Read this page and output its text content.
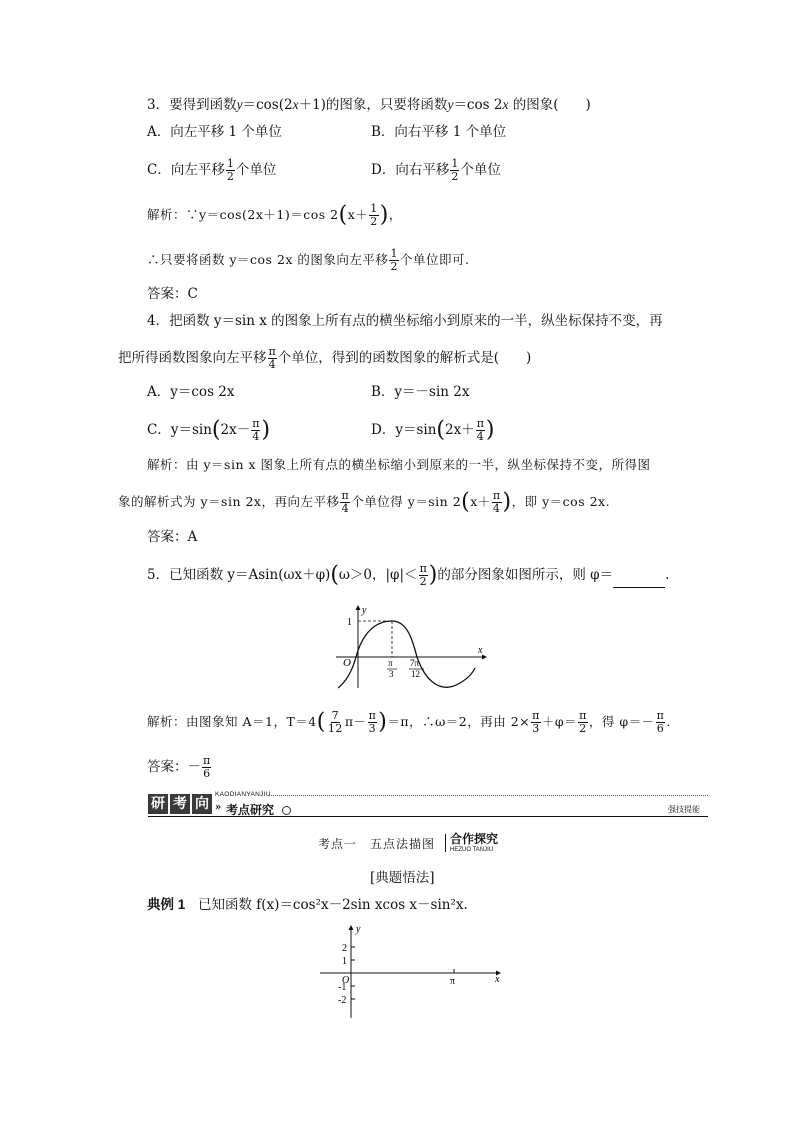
3．要得到函数y＝cos(2x＋1)的图象，只要将函数y＝cos 2x 的图象(　　)
A．向左平移 1 个单位	B．向右平移 1 个单位
C．向左平移 $\frac{1}{2}$ 个单位	D．向右平移 $\frac{1}{2}$ 个单位
解析：∵y＝cos(2x＋1)＝cos $2(x+ \frac{1}{2}$ )，
∴只要将函数 y＝cos 2x 的图象向左平移 $\frac{1}{2}$ 个单位即可.
答案：C
4．把函数 y＝sin x 的图象上所有点的横坐标缩小到原来的一半，纵坐标保持不变，再
把所得函数图象向左平移 $\frac{\pi}{4}$ 个单位，得到的函数图象的解析式是(　　)
A．y＝cos 2x	B．y＝－sin 2x
C．$y=\sin(2x- \frac{\pi}{4}$ )	D．$y=\sin(2x+ \frac{\pi}{4}$ )
解析：由 y＝sin x 图象上所有点的横坐标缩小到原来的一半，纵坐标保持不变，所得图
象的解析式为 y＝sin 2x，再向左平移 $\frac{\pi}{4}$ 个单位得 y＝sin $2(x+ \frac{\pi}{4}$ )，即 y＝cos 2x.
答案：A
5．已知函数 y＝Asin(ωx＋φ)(ω＞0，$|\varphi|< \frac{\pi}{2}$ )的部分图象如图所示，则 φ＝	.
y
x
O
1
π
3
7π
12
解析：由图象知 A＝1，$T=4( \frac{7}{12} \pi- \frac{\pi}{3} )=\pi$，∴ω＝2，再由 $2\times \frac{\pi}{3} +\varphi= \frac{\pi}{2}$ ，得 $\varphi=- \frac{\pi}{6}$ .
答案：－ $\frac{\pi}{6}$
研 考 向
KAODIANYANJIU
» 考点研究	强技提能
考点一　五点法描图 合作探究
HEZUO TANJIU
[典题悟法]
典例 1 已知函数 f(x)＝cos²x－2sin xcos x－sin²x.
y
x
O
2
1
-1
-2
π
